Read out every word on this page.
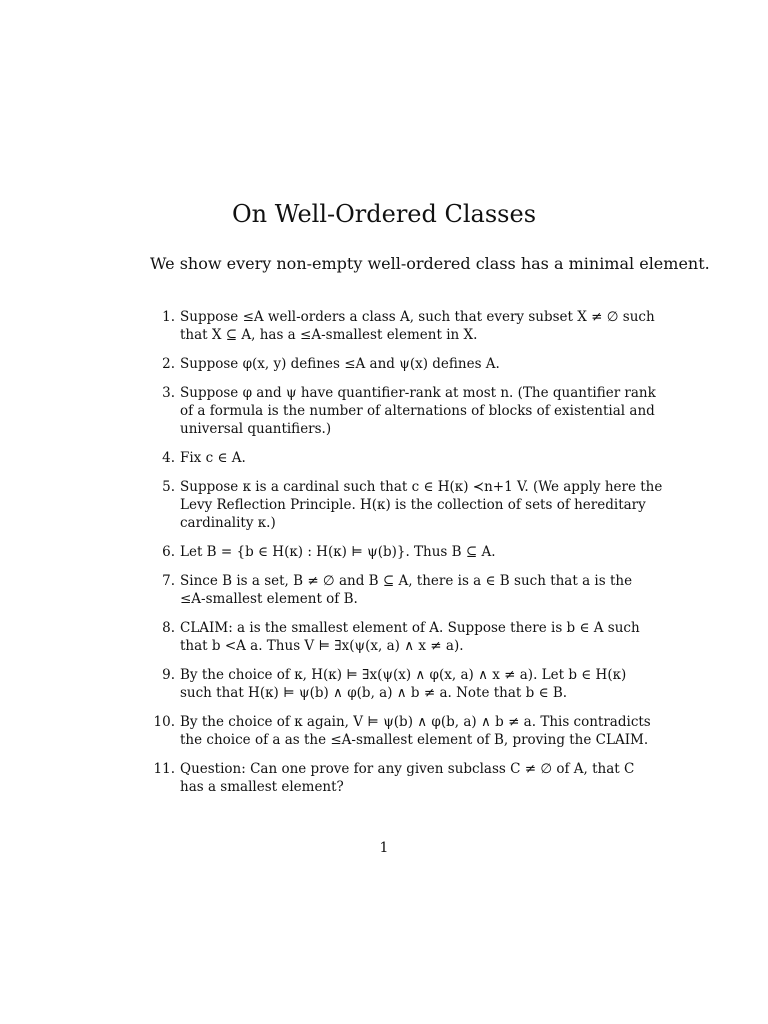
On Well-Ordered Classes

We show every non-empty well-ordered class has a minimal element.

1. Suppose ≤A well-orders a class A, such that every subset X ≠ ∅ such
that X ⊆ A, has a ≤A-smallest element in X.
2. Suppose φ(x, y) defines ≤A and ψ(x) defines A.
3. Suppose φ and ψ have quantifier-rank at most n. (The quantifier rank
of a formula is the number of alternations of blocks of existential and
universal quantifiers.)
4. Fix c ∈ A.
5. Suppose κ is a cardinal such that c ∈ H(κ) ≺n+1 V. (We apply here the
Levy Reflection Principle. H(κ) is the collection of sets of hereditary
cardinality κ.)
6. Let B = {b ∈ H(κ) : H(κ) ⊨ ψ(b)}. Thus B ⊆ A.
7. Since B is a set, B ≠ ∅ and B ⊆ A, there is a ∈ B such that a is the
≤A-smallest element of B.
8. CLAIM: a is the smallest element of A. Suppose there is b ∈ A such
that b <A a. Thus V ⊨ ∃x(ψ(x, a) ∧ x ≠ a).
9. By the choice of κ, H(κ) ⊨ ∃x(ψ(x) ∧ φ(x, a) ∧ x ≠ a). Let b ∈ H(κ)
such that H(κ) ⊨ ψ(b) ∧ φ(b, a) ∧ b ≠ a. Note that b ∈ B.
10. By the choice of κ again, V ⊨ ψ(b) ∧ φ(b, a) ∧ b ≠ a. This contradicts
the choice of a as the ≤A-smallest element of B, proving the CLAIM.
11. Question: Can one prove for any given subclass C ≠ ∅ of A, that C
has a smallest element?
1
